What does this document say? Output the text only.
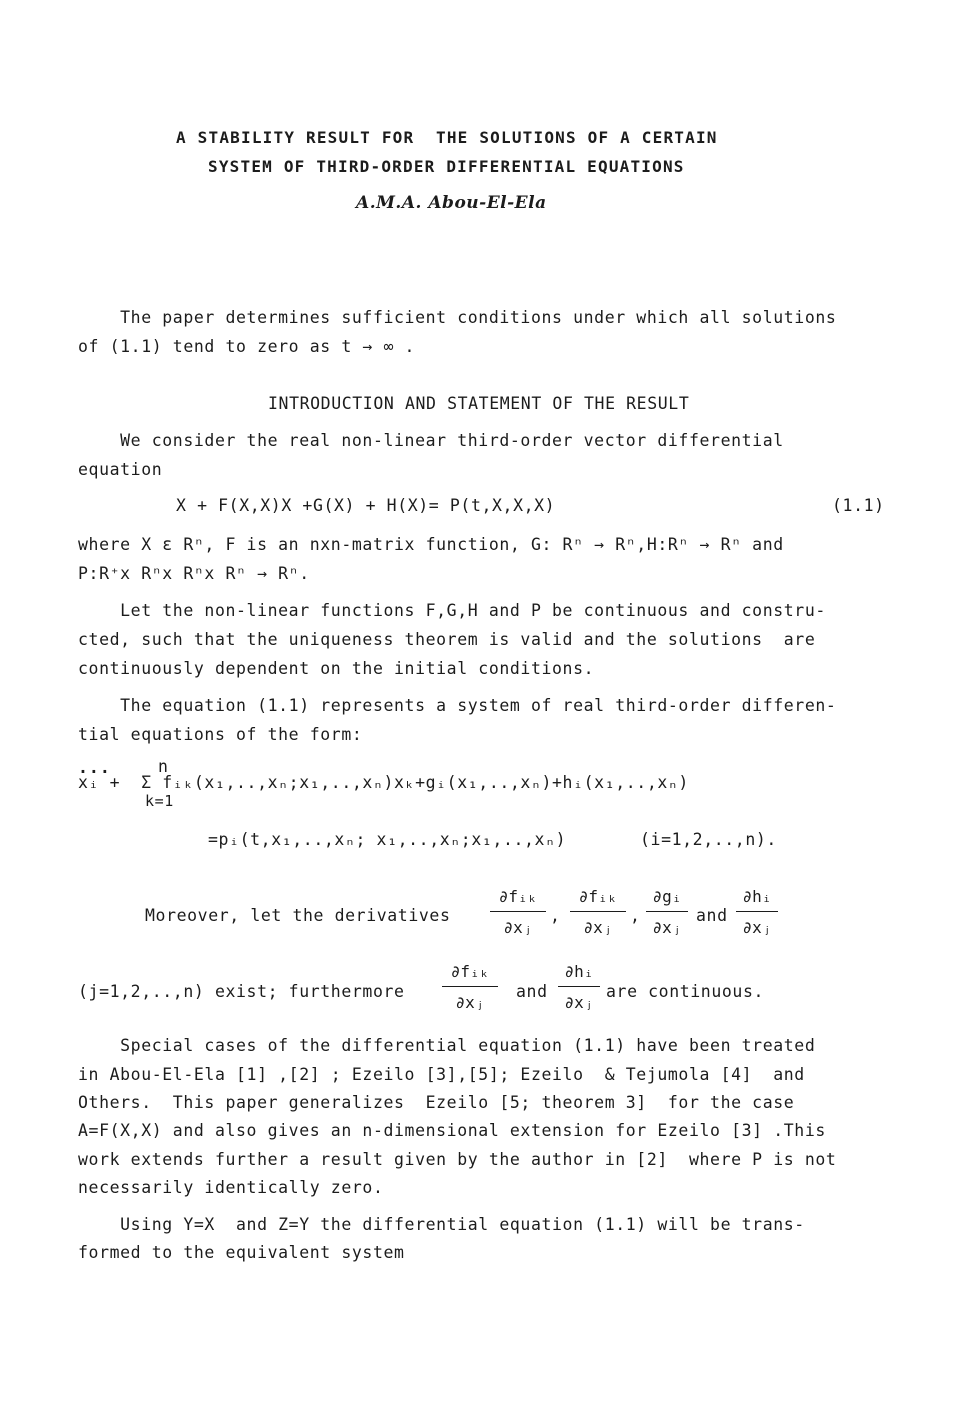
A STABILITY RESULT FOR  THE SOLUTIONS OF A CERTAIN
SYSTEM OF THIRD-ORDER DIFFERENTIAL EQUATIONS
A.M.A. Abou-El-Ela
The paper determines sufficient conditions under which all solutions
of (1.1) tend to zero as t → ∞ .
INTRODUCTION AND STATEMENT OF THE RESULT
We consider the real non-linear third-order vector differential
equation
X + F(X,X)X +G(X) + H(X)= P(t,X,X,X)	(1.1)
where X ε Rⁿ, F is an nxn-matrix function, G: Rⁿ → Rⁿ,H:Rⁿ → Rⁿ and
P:R⁺x Rⁿx Rⁿx Rⁿ → Rⁿ.
Let the non-linear functions F,G,H and P be continuous and constru-
cted, such that the uniqueness theorem is valid and the solutions  are
continuously dependent on the initial conditions.
The equation (1.1) represents a system of real third-order differen-
tial equations of the form:
...	n
xᵢ +  Σ fᵢₖ(x₁,..,xₙ;x₁,..,xₙ)xₖ+gᵢ(x₁,..,xₙ)+hᵢ(x₁,..,xₙ)
k=1
=pᵢ(t,x₁,..,xₙ; x₁,..,xₙ;x₁,..,xₙ)	(i=1,2,..,n).
Moreover, let the derivatives
∂fᵢₖ
∂xⱼ
,
∂fᵢₖ
∂xⱼ
,
∂gᵢ
∂xⱼ
and
∂hᵢ
∂xⱼ
(j=1,2,..,n) exist; furthermore
∂fᵢₖ
∂xⱼ
and
∂hᵢ
∂xⱼ
are continuous.
Special cases of the differential equation (1.1) have been treated
in Abou-El-Ela [1] ,[2] ; Ezeilo [3],[5]; Ezeilo  & Tejumola [4]  and
Others.  This paper generalizes  Ezeilo [5; theorem 3]  for the case
A=F(X,X) and also gives an n-dimensional extension for Ezeilo [3] .This
work extends further a result given by the author in [2]  where P is not
necessarily identically zero.
Using Y=X  and Z=Y the differential equation (1.1) will be trans-
formed to the equivalent system
